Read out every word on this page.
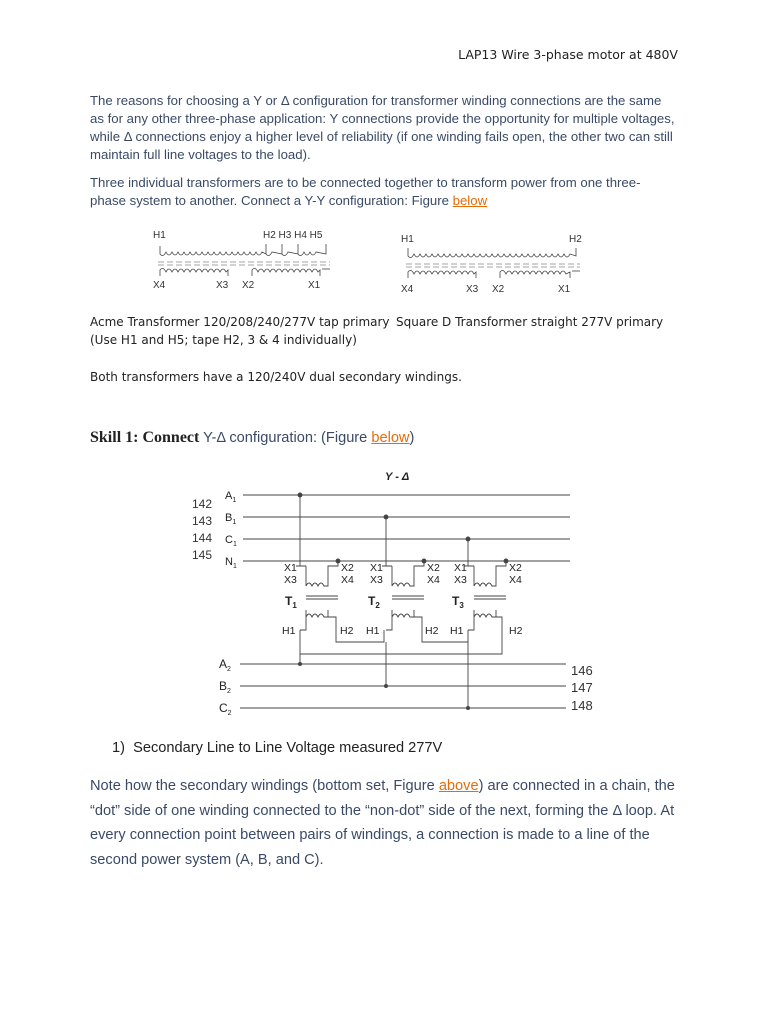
LAP13 Wire 3-phase motor at 480V
The reasons for choosing a Y or Δ configuration for transformer winding connections are the same as for any other three-phase application: Y connections provide the opportunity for multiple voltages, while Δ connections enjoy a higher level of reliability (if one winding fails open, the other two can still maintain full line voltages to the load).
Three individual transformers are to be connected together to transform power from one three-phase system to another. Connect a Y-Y configuration: Figure below
H1	H2 H3 H4 H5
X4	X3 X2	X1
H1	H2
X4	X3 X2	X1
Acme Transformer 120/208/240/277V tap primary
(Use H1 and H5; tape H2, 3 & 4 individually)
Square D Transformer straight 277V primary
Both transformers have a 120/240V dual secondary windings.
Skill 1: Connect Y-Δ configuration: (Figure below)
Y - Δ
142
143
144
145
$A_1$
$B_1$
$C_1$
$N_1$	X1
X3
X2
X4
$T_1$
H1	H2
X1
X3
X2
X4
$T_2$
H1	H2
X1
X3
X2
X4
$T_3$
H1	H2
$A_2$
$B_2$
$C_2$
146
147
148
1) Secondary Line to Line Voltage measured 277V
Note how the secondary windings (bottom set, Figure above) are connected in a chain, the “dot” side of one winding connected to the “non-dot” side of the next, forming the Δ loop. At every connection point between pairs of windings, a connection is made to a line of the second power system (A, B, and C).
